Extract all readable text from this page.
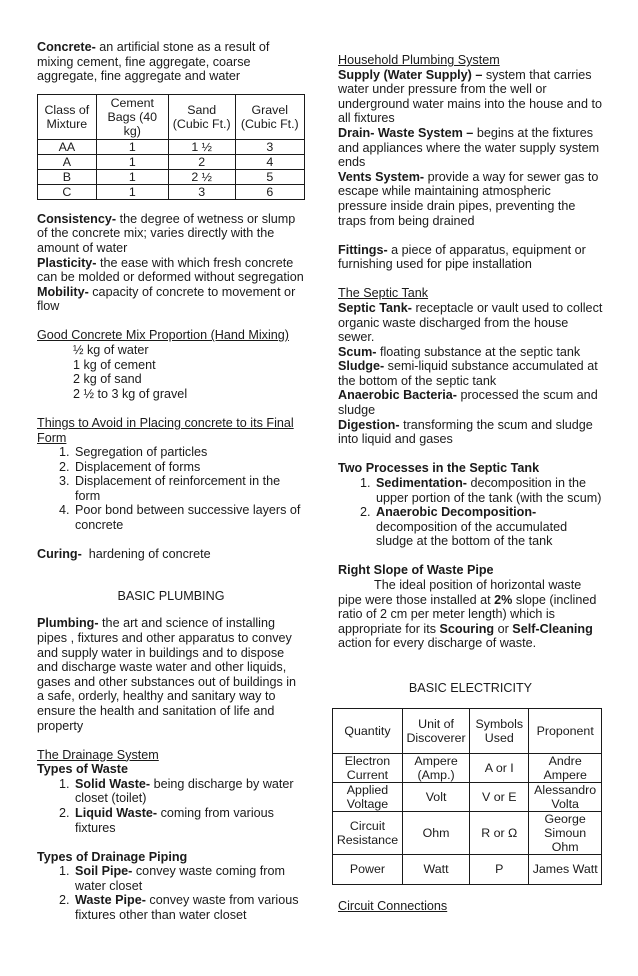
Concrete- an artificial stone as a result of mixing cement, fine aggregate, coarse aggregate, fine aggregate and water

Class of Mixture	Cement Bags (40 kg)	Sand (Cubic Ft.)	Gravel (Cubic Ft.)
AA	1	1 ½	3
A	1	2	4
B	1	2 ½	5
C	1	3	6

Consistency- the degree of wetness or slump of the concrete mix; varies directly with the amount of water

Plasticity- the ease with which fresh concrete can be molded or deformed without segregation

Mobility- capacity of concrete to movement or flow

Good Concrete Mix Proportion (Hand Mixing)

½ kg of water

1 kg of cement

2 kg of sand

2 ½ to 3 kg of gravel

Things to Avoid in Placing concrete to its Final Form

1. Segregation of particles
2. Displacement of forms
3. Displacement of reinforcement in the form
4. Poor bond between successive layers of concrete

Curing-  hardening of concrete

BASIC PLUMBING

Plumbing- the art and science of installing pipes , fixtures and other apparatus to convey and supply water in buildings and to dispose and discharge waste water and other liquids, gases and other substances out of buildings in a safe, orderly, healthy and sanitary way to ensure the health and sanitation of life and property

The Drainage System

Types of Waste

1. Solid Waste- being discharge by water closet (toilet)
2. Liquid Waste- coming from various fixtures

Types of Drainage Piping

1. Soil Pipe- convey waste coming from water closet
2. Waste Pipe- convey waste from various fixtures other than water closet

Household Plumbing System

Supply (Water Supply) – system that carries water under pressure from the well or underground water mains into the house and to all fixtures

Drain- Waste System – begins at the fixtures and appliances where the water supply system ends

Vents System- provide a way for sewer gas to escape while maintaining atmospheric pressure inside drain pipes, preventing the traps from being drained

Fittings- a piece of apparatus, equipment or furnishing used for pipe installation

The Septic Tank

Septic Tank- receptacle or vault used to collect organic waste discharged from the house sewer.

Scum- floating substance at the septic tank

Sludge- semi-liquid substance accumulated at the bottom of the septic tank

Anaerobic Bacteria- processed the scum and sludge

Digestion- transforming the scum and sludge into liquid and gases

Two Processes in the Septic Tank

1. Sedimentation- decomposition in the upper portion of the tank (with the scum)
2. Anaerobic Decomposition- decomposition of the accumulated sludge at the bottom of the tank

Right Slope of Waste Pipe

The ideal position of horizontal waste pipe were those installed at 2% slope (inclined ratio of 2 cm per meter length) which is appropriate for its Scouring or Self-Cleaning action for every discharge of waste.

BASIC ELECTRICITY

Quantity	Unit of Discoverer	Symbols Used	Proponent
Electron Current	Ampere (Amp.)	A or I	Andre Ampere
Applied Voltage	Volt	V or E	Alessandro Volta
Circuit Resistance	Ohm	R or Ω	George Simoun Ohm
Power	Watt	P	James Watt

Circuit Connections
